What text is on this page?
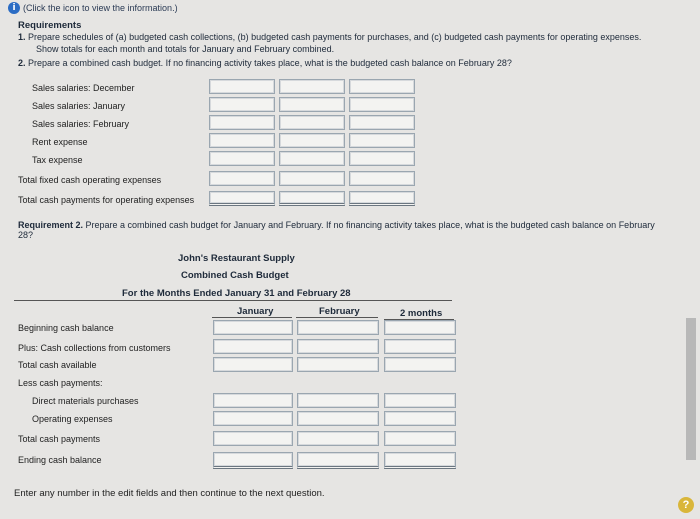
i (Click the icon to view the information.)
Requirements
1. Prepare schedules of (a) budgeted cash collections, (b) budgeted cash payments for purchases, and (c) budgeted cash payments for operating expenses.
Show totals for each month and totals for January and February combined.
2. Prepare a combined cash budget. If no financing activity takes place, what is the budgeted cash balance on February 28?
Sales salaries: December
Sales salaries: January
Sales salaries: February
Rent expense
Tax expense
Total fixed cash operating expenses
Total cash payments for operating expenses
Requirement 2. Prepare a combined cash budget for January and February. If no financing activity takes place, what is the budgeted cash balance on February
28?
John's Restaurant Supply
Combined Cash Budget
For the Months Ended January 31 and February 28
January	February	2 months
Beginning cash balance
Plus: Cash collections from customers
Total cash available
Less cash payments:
Direct materials purchases
Operating expenses
Total cash payments
Ending cash balance
Enter any number in the edit fields and then continue to the next question.
?
